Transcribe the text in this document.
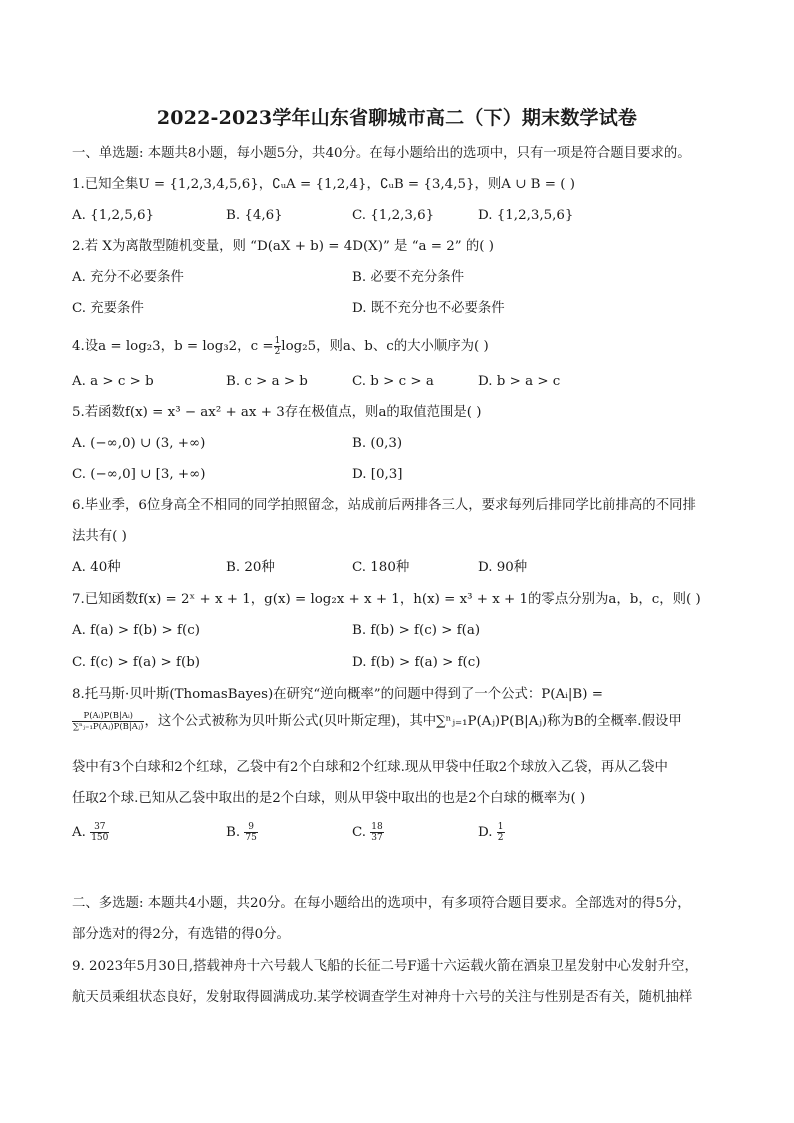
2022-2023学年山东省聊城市高二（下）期末数学试卷
一、单选题: 本题共8小题，每小题5分，共40分。在每小题给出的选项中，只有一项是符合题目要求的。
1.已知全集U = {1,2,3,4,5,6}，∁ᵤA = {1,2,4}，∁ᵤB = {3,4,5}，则A ∪ B = ( )
A. {1,2,5,6}	B. {4,6}	C. {1,2,3,6}	D. {1,2,3,5,6}
2.若 X为离散型随机变量，则 “D(aX + b) = 4D(X)” 是 “a = 2” 的( )
A. 充分不必要条件	B. 必要不充分条件
C. 充要条件	D. 既不充分也不必要条件
4.设a = log₂3，b = log₃2，$c = \frac{1}{2} \log_25$，则a、b、c的大小顺序为( )
A. a > c > b	B. c > a > b	C. b > c > a	D. b > a > c
5.若函数f(x) = x³ − ax² + ax + 3存在极值点，则a的取值范围是( )
A. (−∞,0) ∪ (3, +∞)	B. (0,3)
C. (−∞,0] ∪ [3, +∞)	D. [0,3]
6.毕业季，6位身高全不相同的同学拍照留念，站成前后两排各三人，要求每列后排同学比前排高的不同排
法共有( )
A. 40种	B. 20种	C. 180种	D. 90种
7.已知函数f(x) = 2ˣ + x + 1，g(x) = log₂x + x + 1，h(x) = x³ + x + 1的零点分别为a，b，c，则( )
A. f(a) > f(b) > f(c)	B. f(b) > f(c) > f(a)
C. f(c) > f(a) > f(b)	D. f(b) > f(a) > f(c)
8.托马斯·贝叶斯(ThomasBayes)在研究“逆向概率”的问题中得到了一个公式：P(Aᵢ|B) =
$\frac{\text{P(Aᵢ)P(B|Aᵢ)}}{\text{∑ⁿⱼ₌₁P(Aⱼ)P(B|Aⱼ)}}$ ，这个公式被称为贝叶斯公式(贝叶斯定理)，其中∑ⁿⱼ₌₁P(Aⱼ)P(B|Aⱼ)称为B的全概率.假设甲
袋中有3个白球和2个红球，乙袋中有2个白球和2个红球.现从甲袋中任取2个球放入乙袋，再从乙袋中
任取2个球.已知从乙袋中取出的是2个白球，则从甲袋中取出的也是2个白球的概率为( )
A. $\frac{37}{150}$	B. $\frac{9}{75}$	C. $\frac{18}{37}$	D. $\frac{1}{2}$
二、多选题: 本题共4小题，共20分。在每小题给出的选项中，有多项符合题目要求。全部选对的得5分，
部分选对的得2分，有选错的得0分。
9. 2023年5月30日,搭载神舟十六号载人飞船的长征二号F遥十六运载火箭在酒泉卫星发射中心发射升空，
航天员乘组状态良好，发射取得圆满成功.某学校调查学生对神舟十六号的关注与性别是否有关，随机抽样
